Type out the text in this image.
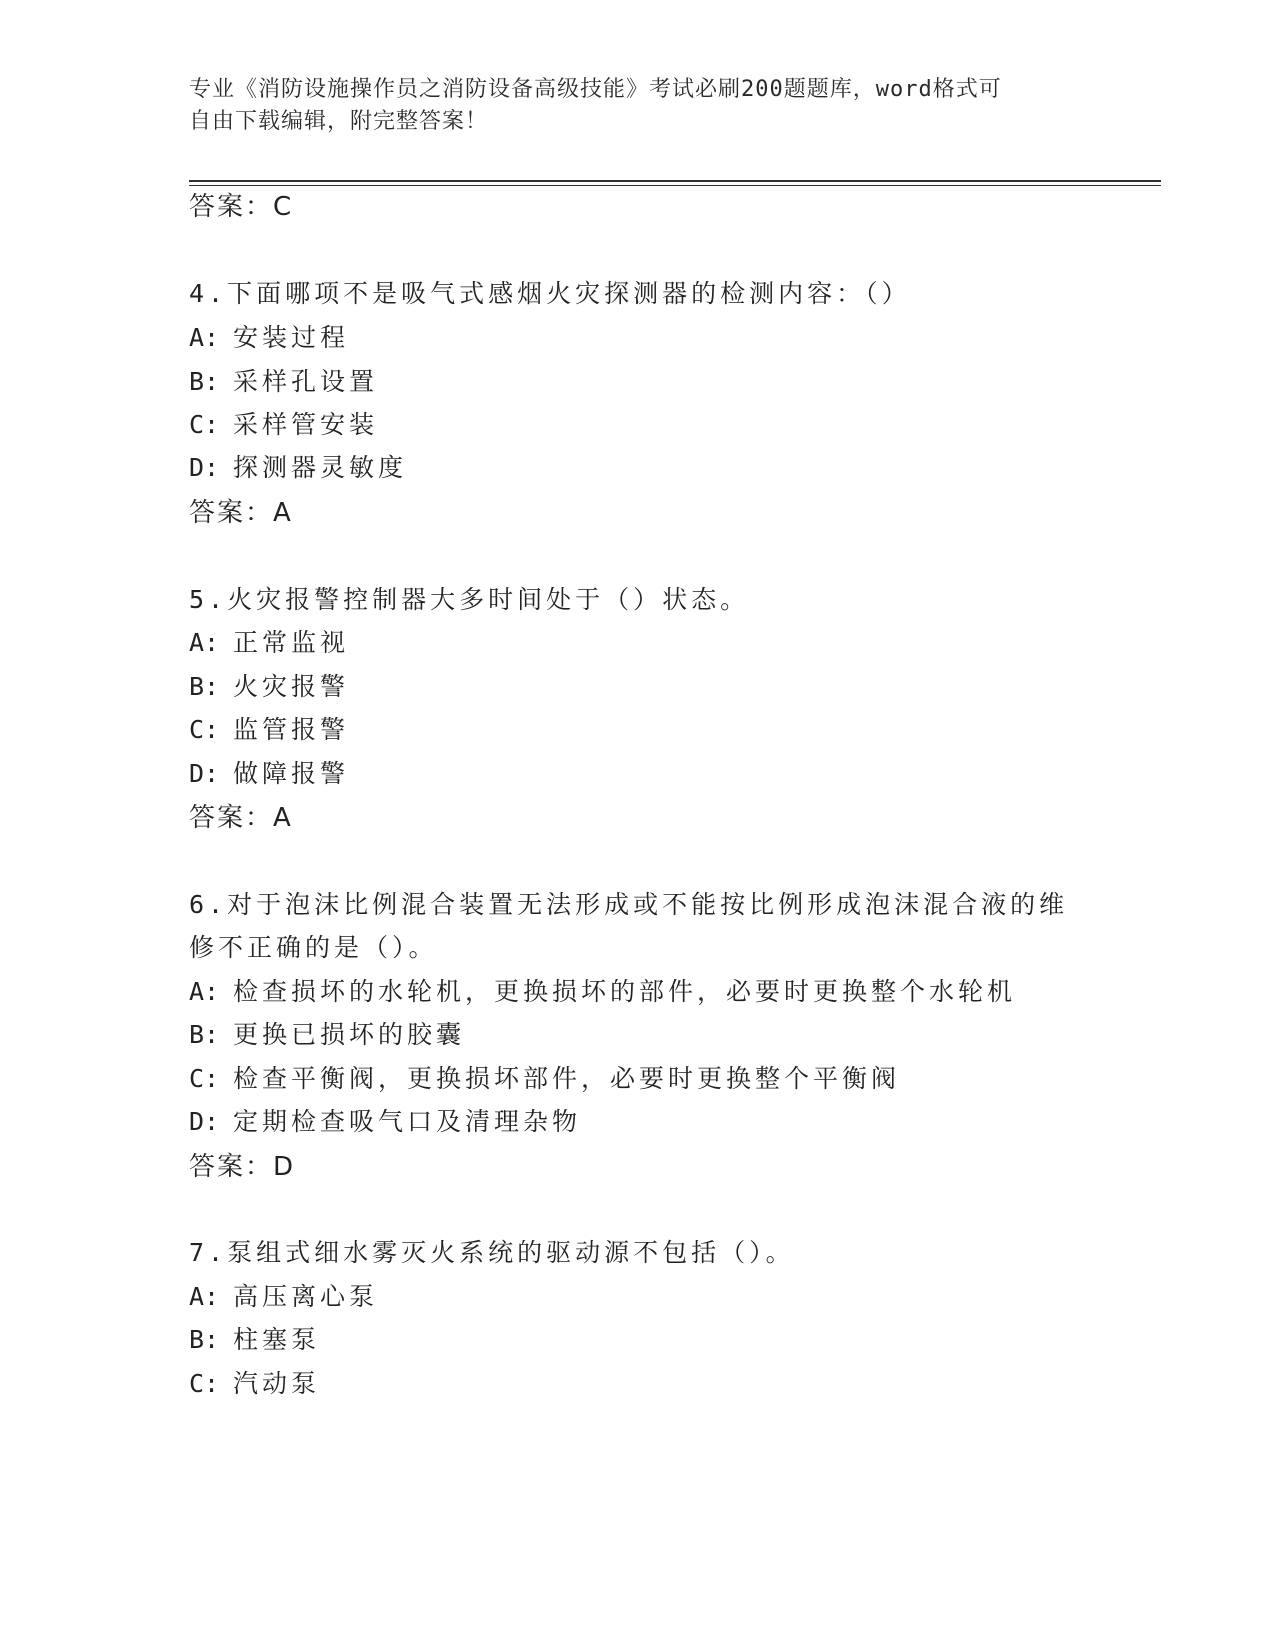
专业《消防设施操作员之消防设备高级技能》考试必刷200题题库，word格式可
自由下载编辑，附完整答案！
答案：C
4.下面哪项不是吸气式感烟火灾探测器的检测内容：（）
A: 安装过程
B: 采样孔设置
C: 采样管安装
D: 探测器灵敏度
答案：A
5.火灾报警控制器大多时间处于（）状态。
A: 正常监视
B: 火灾报警
C: 监管报警
D: 做障报警
答案：A
6.对于泡沫比例混合装置无法形成或不能按比例形成泡沫混合液的维
修不正确的是（）。
A: 检查损坏的水轮机，更换损坏的部件，必要时更换整个水轮机
B: 更换已损坏的胶囊
C: 检查平衡阀，更换损坏部件，必要时更换整个平衡阀
D: 定期检查吸气口及清理杂物
答案：D
7.泵组式细水雾灭火系统的驱动源不包括（）。
A: 高压离心泵
B: 柱塞泵
C: 汽动泵
